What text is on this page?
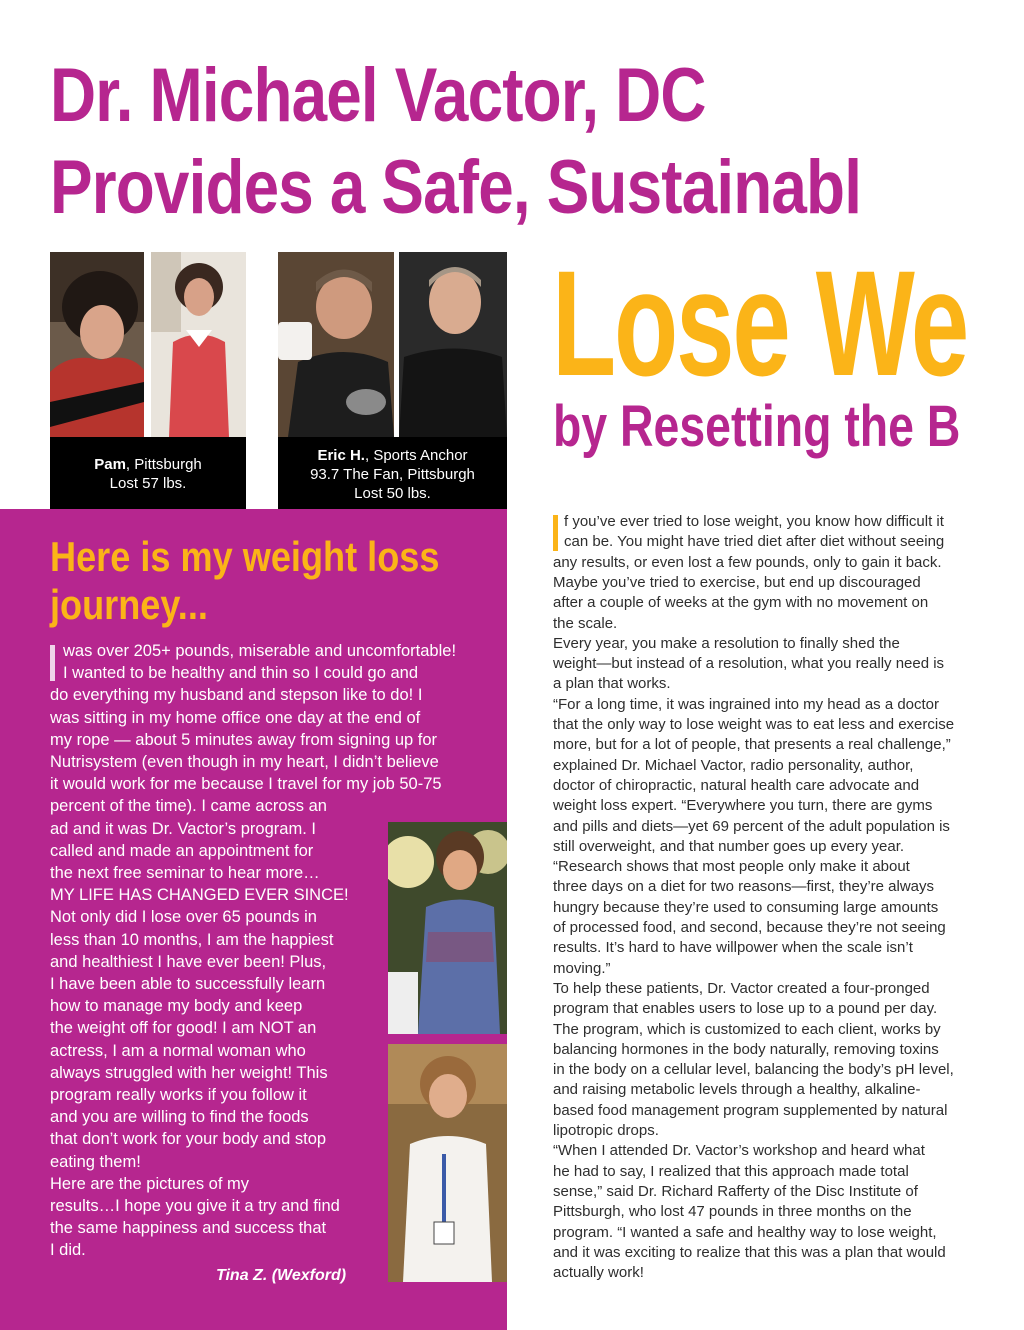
Dr. Michael Vactor, DC
Provides a Safe, Sustainabl
Lose We
by Resetting the B
Pam, Pittsburgh
Lost 57 lbs.
Eric H., Sports Anchor
93.7 The Fan, Pittsburgh
Lost 50 lbs.
Here is my weight loss journey...
was over 205+ pounds, miserable and uncomfortable!
I wanted to be healthy and thin so I could go and
do everything my husband and stepson like to do! I
was sitting in my home office one day at the end of
my rope — about 5 minutes away from signing up for
Nutrisystem (even though in my heart, I didn’t believe
it would work for me because I travel for my job 50-75
percent of the time). I came across an
ad and it was Dr. Vactor’s program. I
called and made an appointment for
the next free seminar to hear more…
MY LIFE HAS CHANGED EVER SINCE!
Not only did I lose over 65 pounds in
less than 10 months, I am the happiest
and healthiest I have ever been! Plus,
I have been able to successfully learn
how to manage my body and keep
the weight off for good! I am NOT an
actress, I am a normal woman who
always struggled with her weight! This
program really works if you follow it
and you are willing to find the foods
that don’t work for your body and stop
eating them!
Here are the pictures of my
results…I hope you give it a try and find
the same happiness and success that
I did.
Tina Z. (Wexford)
f you’ve ever tried to lose weight, you know how difficult it
can be. You might have tried diet after diet without seeing
any results, or even lost a few pounds, only to gain it back.
Maybe you’ve tried to exercise, but end up discouraged
after a couple of weeks at the gym with no movement on
the scale.
Every year, you make a resolution to finally shed the
weight—but instead of a resolution, what you really need is
a plan that works.
“For a long time, it was ingrained into my head as a doctor
that the only way to lose weight was to eat less and exercise
more, but for a lot of people, that presents a real challenge,”
explained Dr. Michael Vactor, radio personality, author,
doctor of chiropractic, natural health care advocate and
weight loss expert. “Everywhere you turn, there are gyms
and pills and diets—yet 69 percent of the adult population is
still overweight, and that number goes up every year.
“Research shows that most people only make it about
three days on a diet for two reasons—first, they’re always
hungry because they’re used to consuming large amounts
of processed food, and second, because they’re not seeing
results. It’s hard to have willpower when the scale isn’t
moving.”
To help these patients, Dr. Vactor created a four-pronged
program that enables users to lose up to a pound per day.
The program, which is customized to each client, works by
balancing hormones in the body naturally, removing toxins
in the body on a cellular level, balancing the body’s pH level,
and raising metabolic levels through a healthy, alkaline-
based food management program supplemented by natural
lipotropic drops.
“When I attended Dr. Vactor’s workshop and heard what
he had to say, I realized that this approach made total
sense,” said Dr. Richard Rafferty of the Disc Institute of
Pittsburgh, who lost 47 pounds in three months on the
program. “I wanted a safe and healthy way to lose weight,
and it was exciting to realize that this was a plan that would
actually work!
